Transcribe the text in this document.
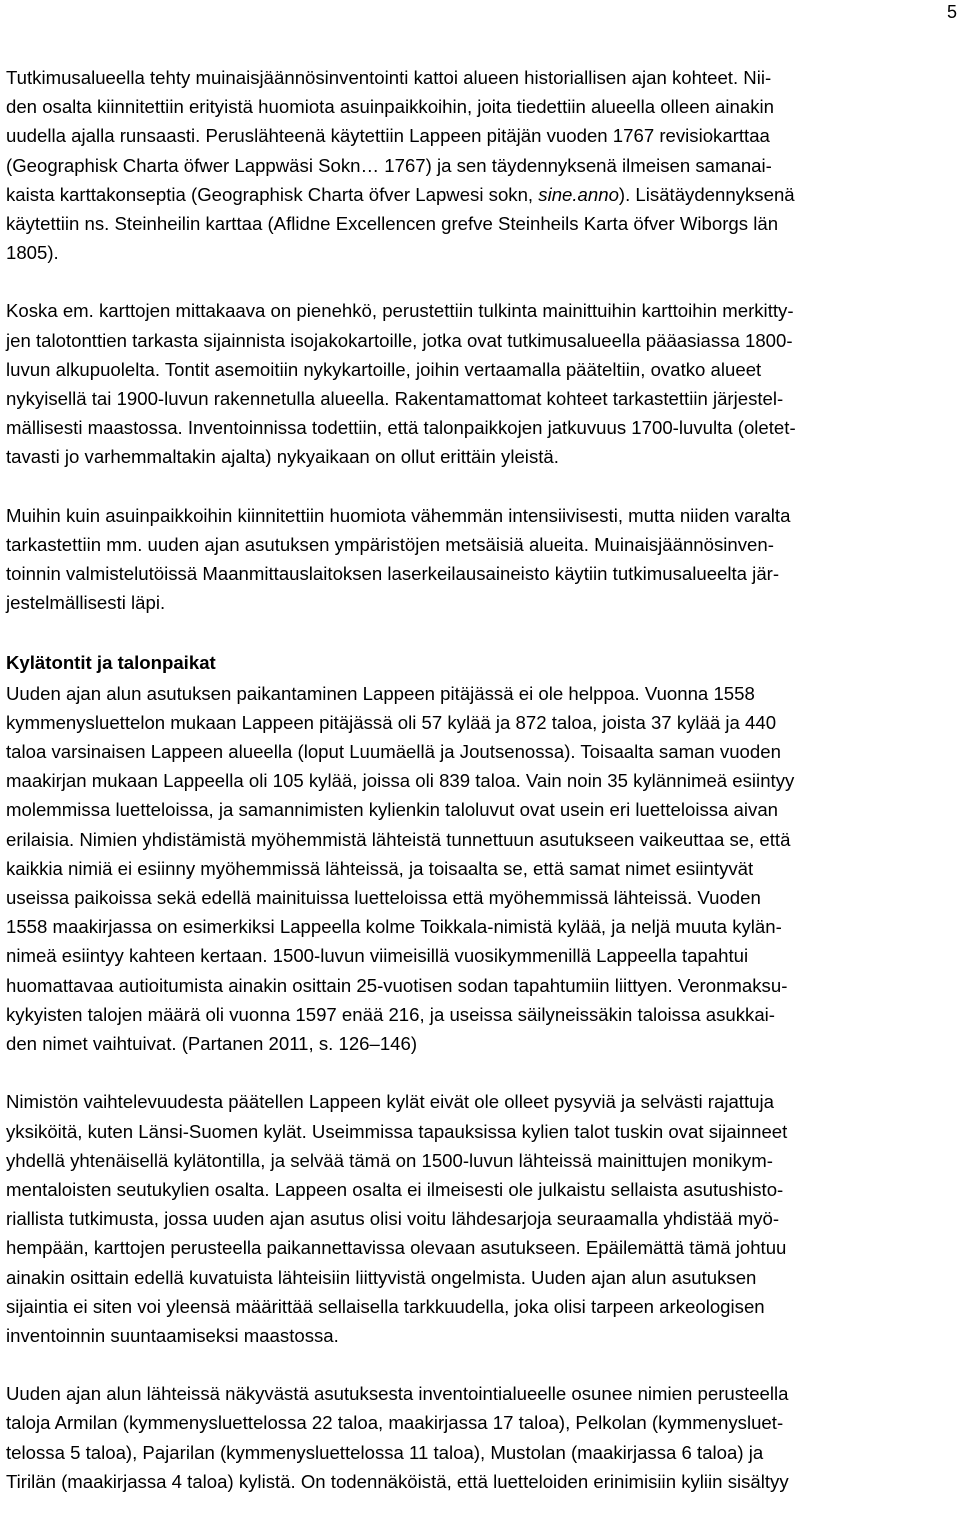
5

Tutkimusalueella tehty muinaisjäännösinventointi kattoi alueen historiallisen ajan kohteet. Nii-
den osalta kiinnitettiin erityistä huomiota asuinpaikkoihin, joita tiedettiin alueella olleen ainakin
uudella ajalla runsaasti. Peruslähteenä käytettiin Lappeen pitäjän vuoden 1767 revisiokarttaa
(Geographisk Charta öfwer Lappwäsi Sokn… 1767) ja sen täydennyksenä ilmeisen samanai-
kaista karttakonseptia (Geographisk Charta öfver Lapwesi sokn, sine.anno). Lisätäydennyksenä
käytettiin ns. Steinheilin karttaa (Aflidne Excellencen grefve Steinheils Karta öfver Wiborgs län
1805).

Koska em. karttojen mittakaava on pienehkö, perustettiin tulkinta mainittuihin karttoihin merkitty-
jen talotonttien tarkasta sijainnista isojakokartoille, jotka ovat tutkimusalueella pääasiassa 1800-
luvun alkupuolelta. Tontit asemoitiin nykykartoille, joihin vertaamalla pääteltiin, ovatko alueet
nykyisellä tai 1900-luvun rakennetulla alueella. Rakentamattomat kohteet tarkastettiin järjestel-
mällisesti maastossa. Inventoinnissa todettiin, että talonpaikkojen jatkuvuus 1700-luvulta (oletet-
tavasti jo varhemmaltakin ajalta) nykyaikaan on ollut erittäin yleistä.

Muihin kuin asuinpaikkoihin kiinnitettiin huomiota vähemmän intensiivisesti, mutta niiden varalta
tarkastettiin mm. uuden ajan asutuksen ympäristöjen metsäisiä alueita. Muinaisjäännösinven-
toinnin valmistelutöissä Maanmittauslaitoksen laserkeilausaineisto käytiin tutkimusalueelta jär-
jestelmällisesti läpi.

Kylätontit ja talonpaikat

Uuden ajan alun asutuksen paikantaminen Lappeen pitäjässä ei ole helppoa. Vuonna 1558
kymmenysluettelon mukaan Lappeen pitäjässä oli 57 kylää ja 872 taloa, joista 37 kylää ja 440
taloa varsinaisen Lappeen alueella (loput Luumäellä ja Joutsenossa). Toisaalta saman vuoden
maakirjan mukaan Lappeella oli 105 kylää, joissa oli 839 taloa. Vain noin 35 kylännimeä esiintyy
molemmissa luetteloissa, ja samannimisten kylienkin taloluvut ovat usein eri luetteloissa aivan
erilaisia. Nimien yhdistämistä myöhemmistä lähteistä tunnettuun asutukseen vaikeuttaa se, että
kaikkia nimiä ei esiinny myöhemmissä lähteissä, ja toisaalta se, että samat nimet esiintyvät
useissa paikoissa sekä edellä mainituissa luetteloissa että myöhemmissä lähteissä. Vuoden
1558 maakirjassa on esimerkiksi Lappeella kolme Toikkala-nimistä kylää, ja neljä muuta kylän-
nimeä esiintyy kahteen kertaan. 1500-luvun viimeisillä vuosikymmenillä Lappeella tapahtui
huomattavaa autioitumista ainakin osittain 25-vuotisen sodan tapahtumiin liittyen. Veronmaksu-
kykyisten talojen määrä oli vuonna 1597 enää 216, ja useissa säilyneissäkin taloissa asukkai-
den nimet vaihtuivat. (Partanen 2011, s. 126–146)

Nimistön vaihtelevuudesta päätellen Lappeen kylät eivät ole olleet pysyviä ja selvästi rajattuja
yksiköitä, kuten Länsi-Suomen kylät. Useimmissa tapauksissa kylien talot tuskin ovat sijainneet
yhdellä yhtenäisellä kylätontilla, ja selvää tämä on 1500-luvun lähteissä mainittujen monikym-
mentaloisten seutukylien osalta. Lappeen osalta ei ilmeisesti ole julkaistu sellaista asutushisto-
riallista tutkimusta, jossa uuden ajan asutus olisi voitu lähdesarjoja seuraamalla yhdistää myö-
hempään, karttojen perusteella paikannettavissa olevaan asutukseen. Epäilemättä tämä johtuu
ainakin osittain edellä kuvatuista lähteisiin liittyvistä ongelmista. Uuden ajan alun asutuksen
sijaintia ei siten voi yleensä määrittää sellaisella tarkkuudella, joka olisi tarpeen arkeologisen
inventoinnin suuntaamiseksi maastossa.

Uuden ajan alun lähteissä näkyvästä asutuksesta inventointialueelle osunee nimien perusteella
taloja Armilan (kymmenysluettelossa 22 taloa, maakirjassa 17 taloa), Pelkolan (kymmenysluet-
telossa 5 taloa), Pajarilan (kymmenysluettelossa 11 taloa), Mustolan (maakirjassa 6 taloa) ja
Tirilän (maakirjassa 4 taloa) kylistä. On todennäköistä, että luetteloiden erinimisiin kyliin sisältyy
